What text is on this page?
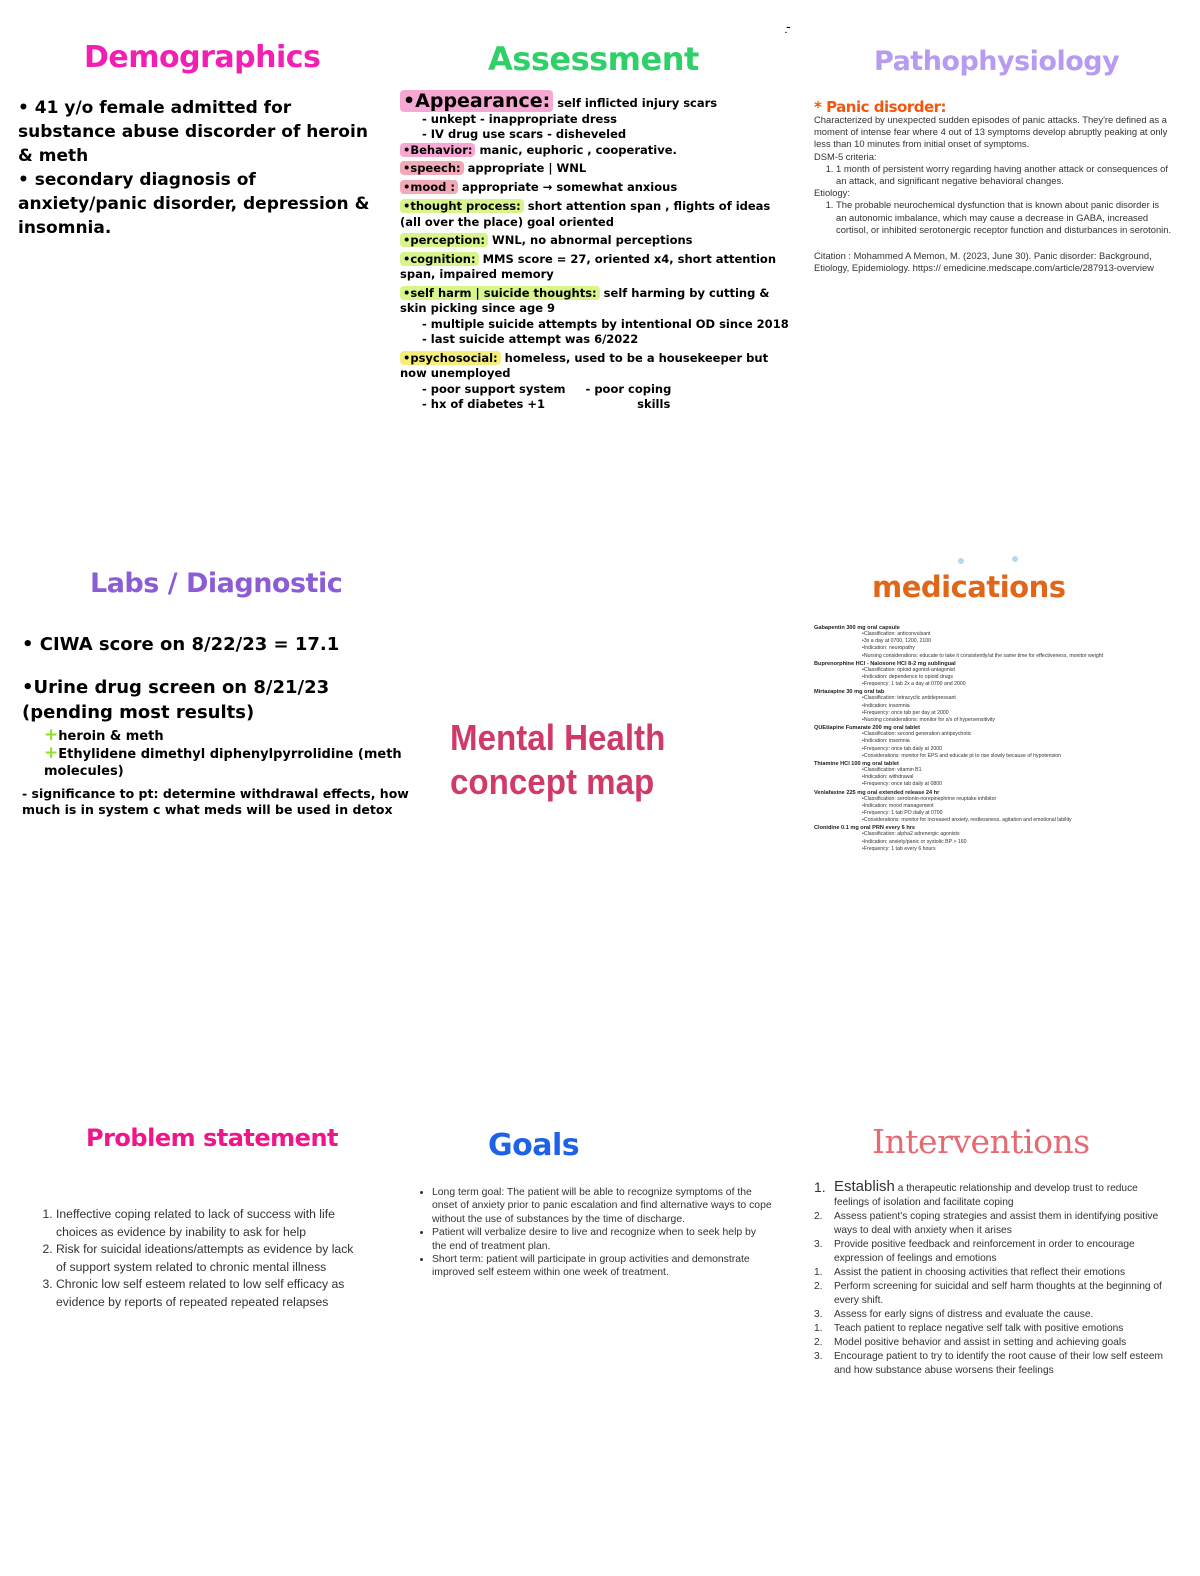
-̣
Demographics
• 41 y/o female admitted for substance abuse discorder of heroin & meth
• secondary diagnosis of anxiety/panic disorder, depression & insomnia.
Assessment
•Appearance: self inflicted injury scars
- unkept - inappropriate dress
- IV drug use scars - disheveled
•Behavior: manic, euphoric , cooperative.
•speech: appropriate | WNL
•mood : appropriate → somewhat anxious
•thought process: short attention span , flights of ideas (all over the place) goal oriented
•perception: WNL, no abnormal perceptions
•cognition: MMS score = 27, oriented x4, short attention span, impaired memory
•self harm | suicide thoughts: self harming by cutting & skin picking since age 9
- multiple suicide attempts by intentional OD since 2018
- last suicide attempt was 6/2022
•psychosocial: homeless, used to be a housekeeper but now unemployed
- poor support system     - poor coping
- hx of diabetes +1                       skills
Pathophysiology
* Panic disorder:
Characterized by unexpected sudden episodes of panic attacks. They're defined as a moment of intense fear where 4 out of 13 symptoms develop abruptly peaking at only less than 10 minutes from initial onset of symptoms.
DSM-5 criteria:
1. 1 month of persistent worry regarding having another attack or consequences of an attack, and significant negative behavioral changes.
Etiology:
1. The probable neurochemical dysfunction that is known about panic disorder is an autonomic imbalance, which may cause a decrease in GABA, increased cortisol, or inhibited serotonergic receptor function and disturbances in serotonin.
Citation : Mohammed A Memon, M. (2023, June 30). Panic disorder: Background, Etiology, Epidemiology. https:// emedicine.medscape.com/article/287913-overview
Labs / Diagnostic
• CIWA score on 8/22/23 = 17.1
•Urine drug screen on 8/21/23 (pending most results)
+heroin & meth
+Ethylidene dimethyl diphenylpyrrolidine (meth molecules)
- significance to pt: determine withdrawal effects, how much is in system c what meds will be used in detox
Mental Health
concept map
medications
Gabapentin 300 mg oral capsule
• Classification: anticonvulsant
• 3x a day at 0700, 1200, 2100
• Indication: neuropathy
• Nursing considerations: educate to take it consistently/at the same time for effectiveness, monitor weight
Buprenorphine HCl - Naloxone HCl 8-2 mg sublingual
• Classification: opioid agonist-antagonist
• Indication: dependence to opioid drugs
• Frequency: 1 tab 2x a day at 0700 and 2000
Mirtazapine 30 mg oral tab
• Classification: tetracyclic antidepressant
• Indication: insomnia
• Frequency: once tab per day at 2000
• Nursing considerations: monitor for s/s of hypersensitivity
QUEtiapine Fumarate 200 mg oral tablet
• Classification: second generation antipsychotic
• Indication: insomnia
• Frequency: once tab daily at 2000
• Considerations: monitor for EPS and educate pt to rise slowly because of hypotension
Thiamine HCl 100 mg oral tablet
• Classification: vitamin B1
• Indication: withdrawal
• Frequency: once tab daily at 0800
Venlafaxine 225 mg oral extended release 24 hr
• Classification: serotonin-norepinephrine reuptake inhibitor
• Indication: mood management
• Frequency: 1 tab PO daily at 0700
• Considerations: monitor for increased anxiety, restlessness, agitation and emotional lability
Clonidine 0.1 mg oral PRN every 6 hrs
• Classification: alpha2 adrenergic agonists
• Indication: anxiety/panic or systolic BP > 160
• Frequency: 1 tab every 6 hours
Problem statement
1. Ineffective coping related to lack of success with life choices as evidence by inability to ask for help
2. Risk for suicidal ideations/attempts as evidence by lack of support system related to chronic mental illness
3. Chronic low self esteem related to low self efficacy as evidence by reports of repeated repeated relapses
Goals
• Long term goal: The patient will be able to recognize symptoms of the onset of anxiety prior to panic escalation and find alternative ways to cope without the use of substances by the time of discharge.
• Patient will verbalize desire to live and recognize when to seek help by the end of treatment plan.
• Short term: patient will participate in group activities and demonstrate improved self esteem within one week of treatment.
Interventions
1. Establish a therapeutic relationship and develop trust to reduce feelings of isolation and facilitate coping
2.	Assess patient's coping strategies and assist them in identifying positive ways to deal with anxiety when it arises
3.	Provide positive feedback and reinforcement in order to encourage expression of feelings and emotions
1.	Assist the patient in choosing activities that reflect their emotions
2.	Perform screening for suicidal and self harm thoughts at the beginning of every shift.
3.	Assess for early signs of distress and evaluate the cause.
1.	Teach patient to replace negative self talk with positive emotions
2.	Model positive behavior and assist in setting and achieving goals
3.	Encourage patient to try to identify the root cause of their low self esteem and how substance abuse worsens their feelings
